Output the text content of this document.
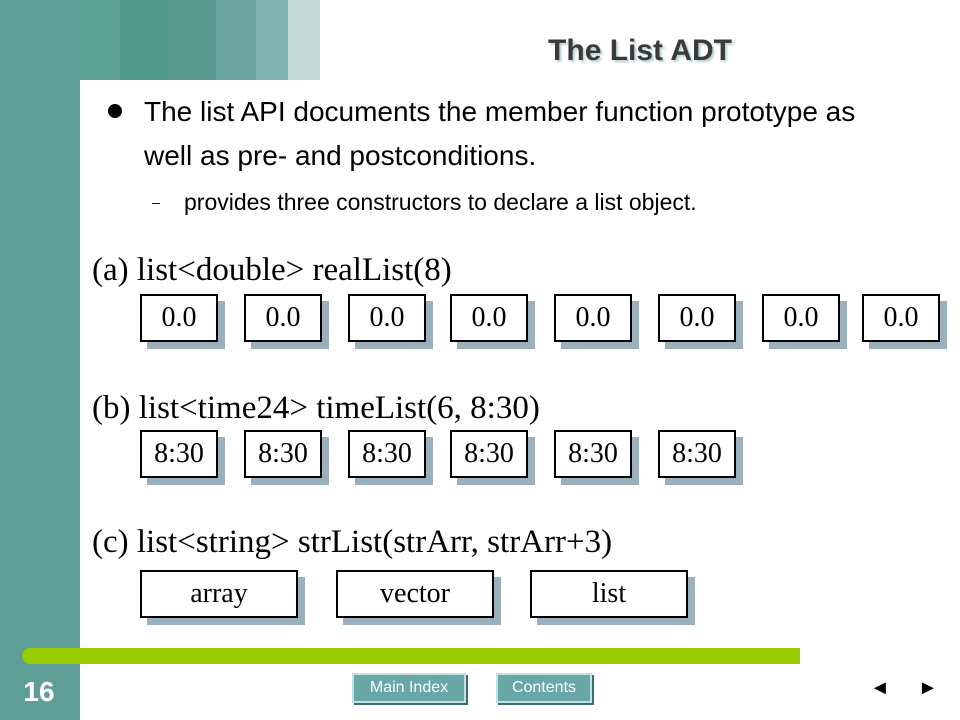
The List ADT
The list API documents the member function prototype as well as pre- and postconditions.
– provides three constructors to declare a list object.
(a) list<double> realList(8)
0.0	0.0	0.0	0.0	0.0	0.0	0.0	0.0
(b) list<time24> timeList(6, 8:30)
8:30	8:30	8:30	8:30	8:30	8:30
(c) list<string> strList(strArr, strArr+3)
array	vector	list
16	Main Index	Contents	◄ ►
